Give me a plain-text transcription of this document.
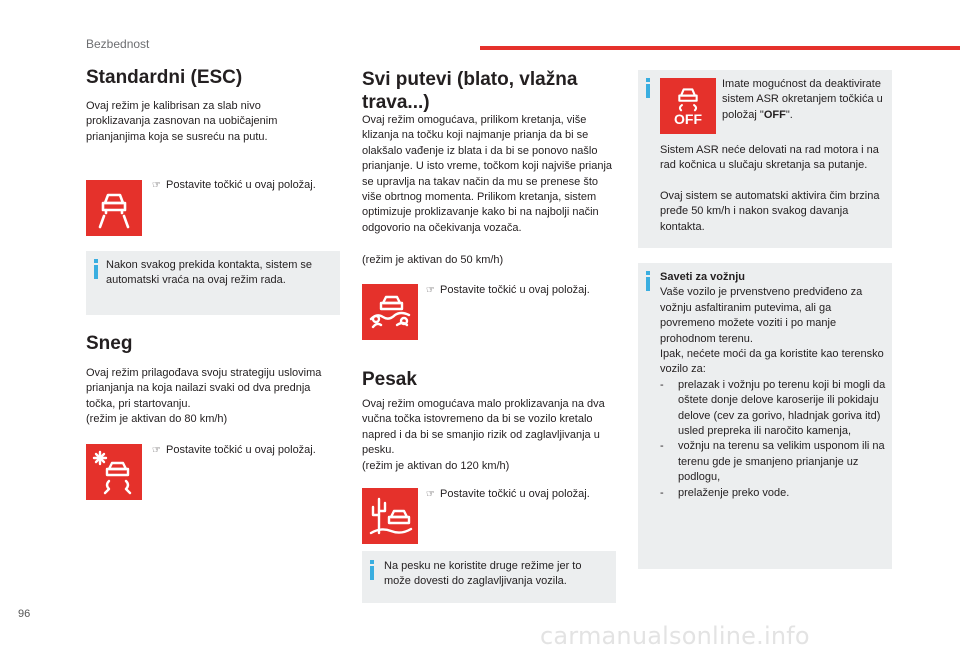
Bezbednost
Standardni (ESC)

Ovaj režim je kalibrisan za slab nivo proklizavanja zasnovan na uobičajenim prianjanjima koja se susreću na putu.

☞ Postavite točkić u ovaj položaj.

Nakon svakog prekida kontakta, sistem se automatski vraća na ovaj režim rada.

Sneg

Ovaj režim prilagođava svoju strategiju uslovima prianjanja na koja nailazi svaki od dva prednja točka, pri startovanju.

(režim je aktivan do 80 km/h)

☞ Postavite točkić u ovaj položaj.
Svi putevi (blato, vlažna trava...)

Ovaj režim omogućava, prilikom kretanja, više klizanja na točku koji najmanje prianja da bi se olakšalo vađenje iz blata i da bi se ponovo našlo prianjanje. U isto vreme, točkom koji najviše prianja se upravlja na takav način da mu se prenese što više obrtnog momenta. Prilikom kretanja, sistem optimizuje proklizavanje kako bi na najbolji način odgovorio na očekivanja vozača.

(režim je aktivan do 50 km/h)

☞ Postavite točkić u ovaj položaj.
Pesak

Ovaj režim omogućava malo proklizavanja na dva vučna točka istovremeno da bi se vozilo kretalo napred i da bi se smanjio rizik od zaglavljivanja u pesku.

(režim je aktivan do 120 km/h)

☞ Postavite točkić u ovaj položaj.

Na pesku ne koristite druge režime jer to može dovesti do zaglavljivanja vozila.

OFF

Imate mogućnost da deaktivirate sistem ASR okretanjem točkića u položaj "OFF".

Sistem ASR neće delovati na rad motora i na rad kočnica u slučaju skretanja sa putanje.

Ovaj sistem se automatski aktivira čim brzina pređe 50 km/h i nakon svakog davanja kontakta.

Saveti za vožnju

Vaše vozilo je prvenstveno predviđeno za vožnju asfaltiranim putevima, ali ga povremeno možete voziti i po manje prohodnom terenu.

Ipak, nećete moći da ga koristite kao terensko vozilo za:

- prelazak i vožnju po terenu koji bi mogli da oštete donje delove karoserije ili pokidaju delove (cev za gorivo, hladnjak goriva itd) usled prepreka ili naročito kamenja,
- vožnju na terenu sa velikim usponom ili na terenu gde je smanjeno prianjanje uz podlogu,
- prelaženje preko vode.
96
carmanualsonline.info
